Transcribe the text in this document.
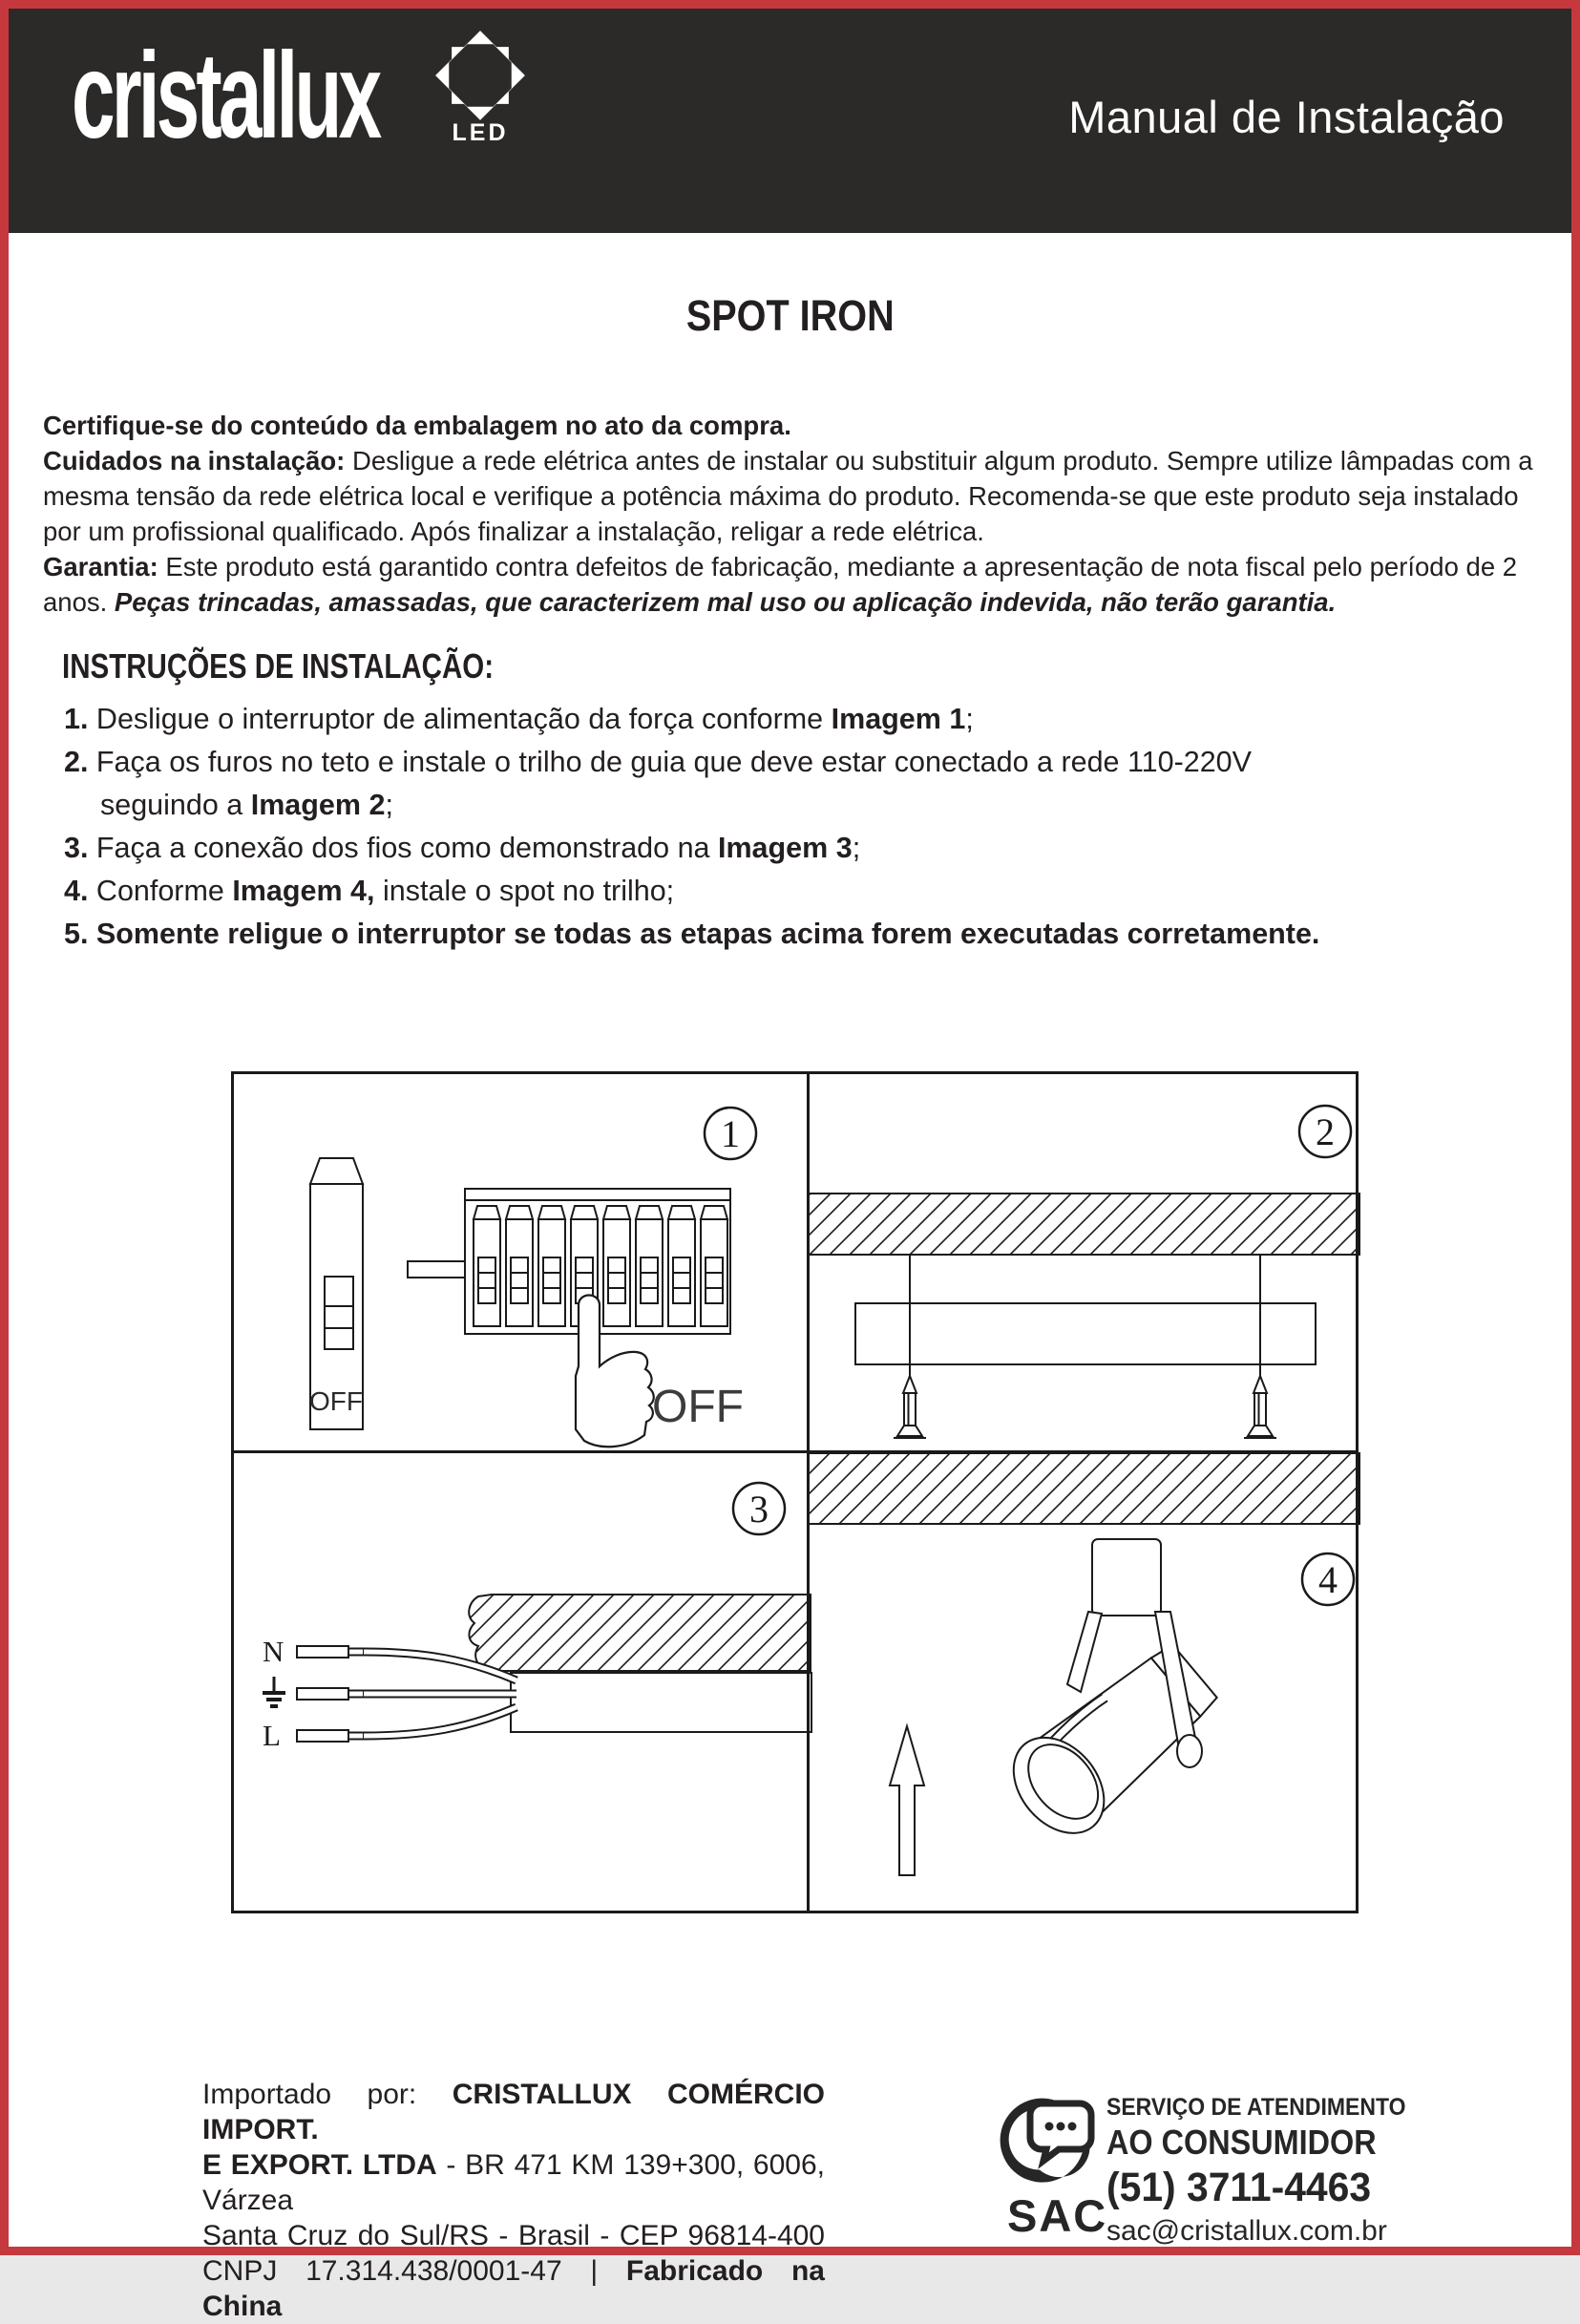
cristallux	LED	Manual de Instalação
SPOT IRON

Certifique-se do conteúdo da embalagem no ato da compra.

Cuidados na instalação: Desligue a rede elétrica antes de instalar ou substituir algum produto. Sempre utilize lâmpadas com a mesma tensão da rede elétrica local e verifique a potência máxima do produto. Recomenda-se que este produto seja instalado por um profissional qualificado. Após finalizar a instalação, religar a rede elétrica.

Garantia: Este produto está garantido contra defeitos de fabricação, mediante a apresentação de nota fiscal pelo período de 2 anos. Peças trincadas, amassadas, que caracterizem mal uso ou aplicação indevida, não terão garantia.

INSTRUÇÕES DE INSTALAÇÃO:
1. Desligue o interruptor de alimentação da força conforme Imagem 1;
2. Faça os furos no teto e instale o trilho de guia que deve estar conectado a rede 110-220V
seguindo a Imagem 2;
3. Faça a conexão dos fios como demonstrado na Imagem 3;
4. Conforme Imagem 4, instale o spot no trilho;
5. Somente religue o interruptor se todas as etapas acima forem executadas corretamente.
1
OFF	OFF
2
3
N
L
4
Importado por: CRISTALLUX COMÉRCIO IMPORT.
E EXPORT. LTDA - BR 471 KM 139+300, 6006, Várzea
Santa Cruz do Sul/RS - Brasil - CEP 96814-400
CNPJ 17.314.438/0001-47 | Fabricado na China
SAC
SERVIÇO DE ATENDIMENTO
AO CONSUMIDOR
(51) 3711-4463
sac@cristallux.com.br
